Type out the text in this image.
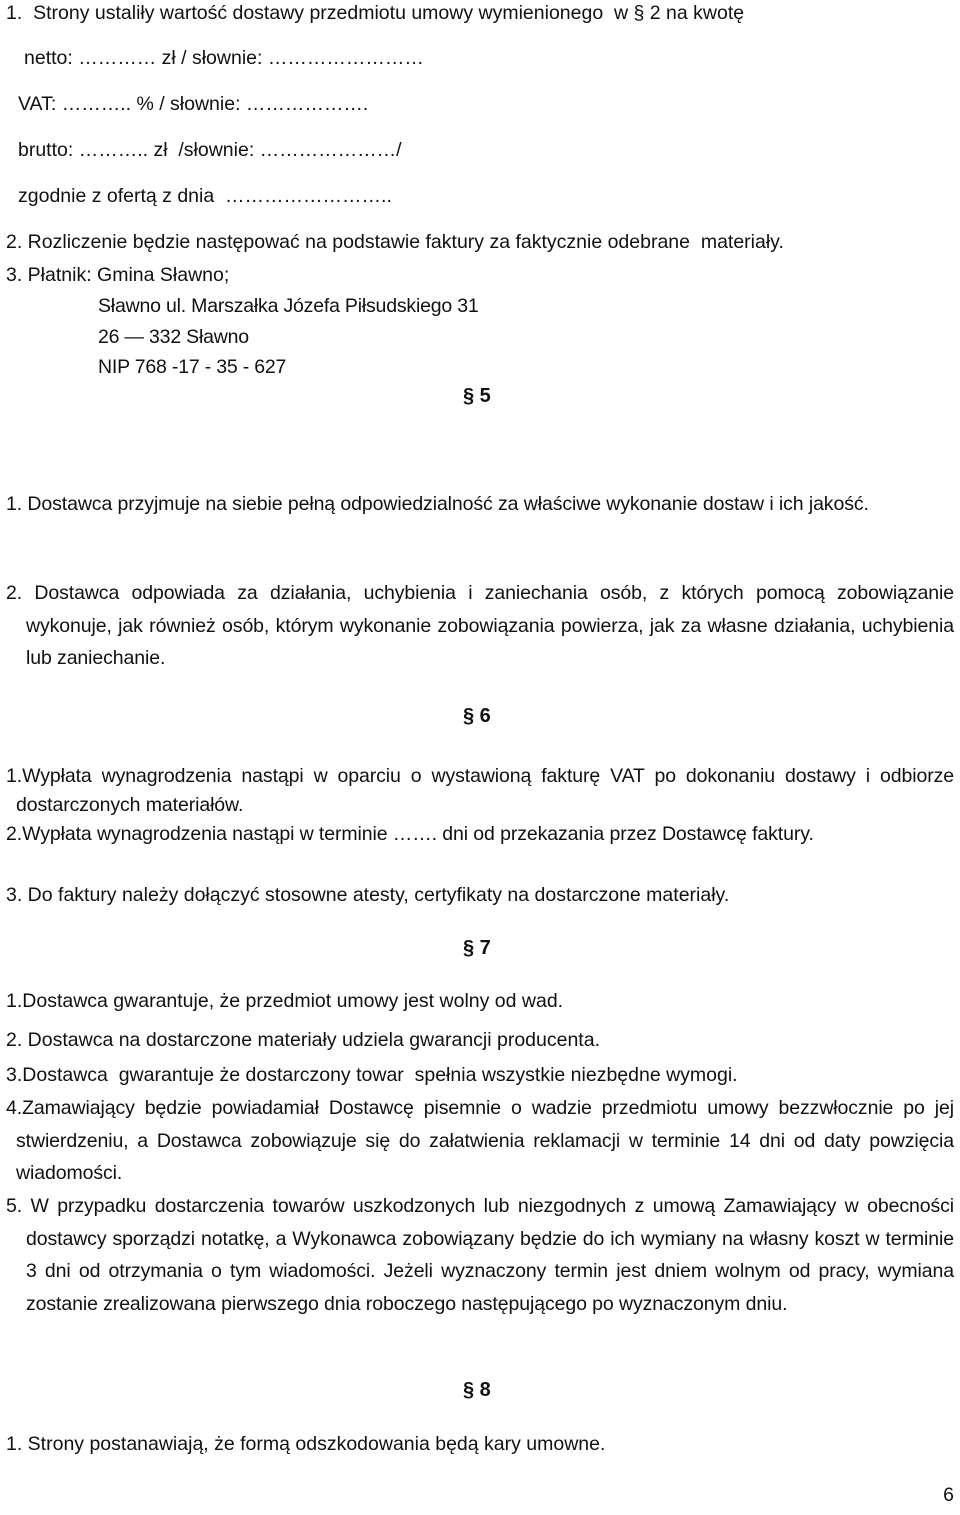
1.  Strony ustaliły wartość dostawy przedmiotu umowy wymienionego  w § 2 na kwotę
netto: ………… zł / słownie: ……………………
VAT: ……….. % / słownie: ……………….
brutto: ……….. zł  /słownie: …………………/
zgodnie z ofertą z dnia  ……………………..
2. Rozliczenie będzie następować na podstawie faktury za faktycznie odebrane  materiały.
3. Płatnik: Gmina Sławno;
Sławno ul. Marszałka Józefa Piłsudskiego 31
26 — 332 Sławno
NIP 768 -17 - 35 - 627
§ 5
1. Dostawca przyjmuje na siebie pełną odpowiedzialność za właściwe wykonanie dostaw i ich jakość.
2. Dostawca odpowiada za działania, uchybienia i zaniechania osób, z których pomocą zobowiązanie wykonuje, jak również osób, którym wykonanie zobowiązania powierza, jak za własne działania, uchybienia lub zaniechanie.
§ 6
1.Wypłata wynagrodzenia nastąpi w oparciu o wystawioną fakturę VAT po dokonaniu dostawy i odbiorze dostarczonych materiałów.
2.Wypłata wynagrodzenia nastąpi w terminie ……. dni od przekazania przez Dostawcę faktury.
3. Do faktury należy dołączyć stosowne atesty, certyfikaty na dostarczone materiały.
§ 7
1.Dostawca gwarantuje, że przedmiot umowy jest wolny od wad.
2. Dostawca na dostarczone materiały udziela gwarancji producenta.
3.Dostawca  gwarantuje że dostarczony towar  spełnia wszystkie niezbędne wymogi.
4.Zamawiający będzie powiadamiał Dostawcę pisemnie o wadzie przedmiotu umowy bezzwłocznie po jej stwierdzeniu, a Dostawca zobowiązuje się do załatwienia reklamacji w terminie 14 dni od daty powzięcia wiadomości.
5. W przypadku dostarczenia towarów uszkodzonych lub niezgodnych z umową Zamawiający w obecności dostawcy sporządzi notatkę, a Wykonawca zobowiązany będzie do ich wymiany na własny koszt w terminie 3 dni od otrzymania o tym wiadomości. Jeżeli wyznaczony termin jest dniem wolnym od pracy, wymiana zostanie zrealizowana pierwszego dnia roboczego następującego po wyznaczonym dniu.
§ 8
1. Strony postanawiają, że formą odszkodowania będą kary umowne.
6
